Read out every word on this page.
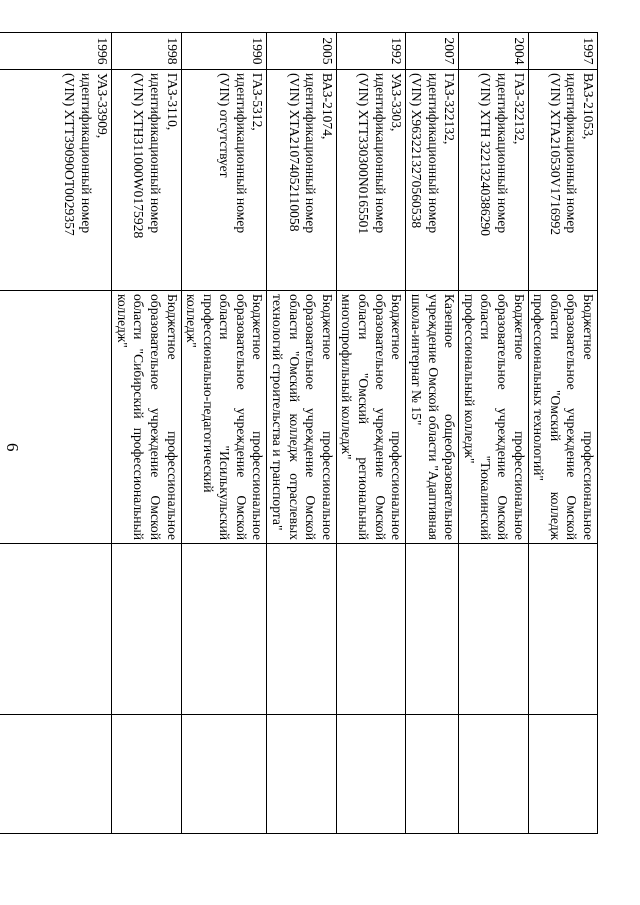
6
1997	ВАЗ-21053,
идентификационный номер
(VIN) ХТА210530V1716992	Бюджетное профессиональное образовательное учреждение Омской области "Омский колледж профессиональных технологий"		
2004	ГАЗ-322132,
идентификационный номер
(VIN) ХТН 32213240386290	Бюджетное профессиональное образовательное учреждение Омской области "Тюкалинский профессиональный колледж"		
2007	ГАЗ-322132,
идентификационный номер
(VIN) Х9632213270560538	Казенное общеобразовательное учреждение Омской области "Адаптивная школа-интернат № 15"		
1992	УАЗ-3303,
идентификационный номер
(VIN) ХТТ330300N0165501	Бюджетное профессиональное образовательное учреждение Омской области "Омский региональный многопрофильный колледж"		
2005	ВАЗ-21074,
идентификационный номер
(VIN) ХТА21074052110058	Бюджетное профессиональное образовательное учреждение Омской области "Омский колледж отраслевых технологий строительства и транспорта"		
1990	ГАЗ-5312,
идентификационный номер
(VIN) отсутствует	Бюджетное профессиональное образовательное учреждение Омской области "Исилькульский профессионально-педагогический колледж"		
1998	ГАЗ-3110,
идентификационный номер
(VIN) ХТН311000W0175928	Бюджетное профессиональное образовательное учреждение Омской области "Сибирский профессиональный колледж"		
1996	УАЗ-33909,
идентификационный номер
(VIN) ХТТ39090ОТ0029357			
